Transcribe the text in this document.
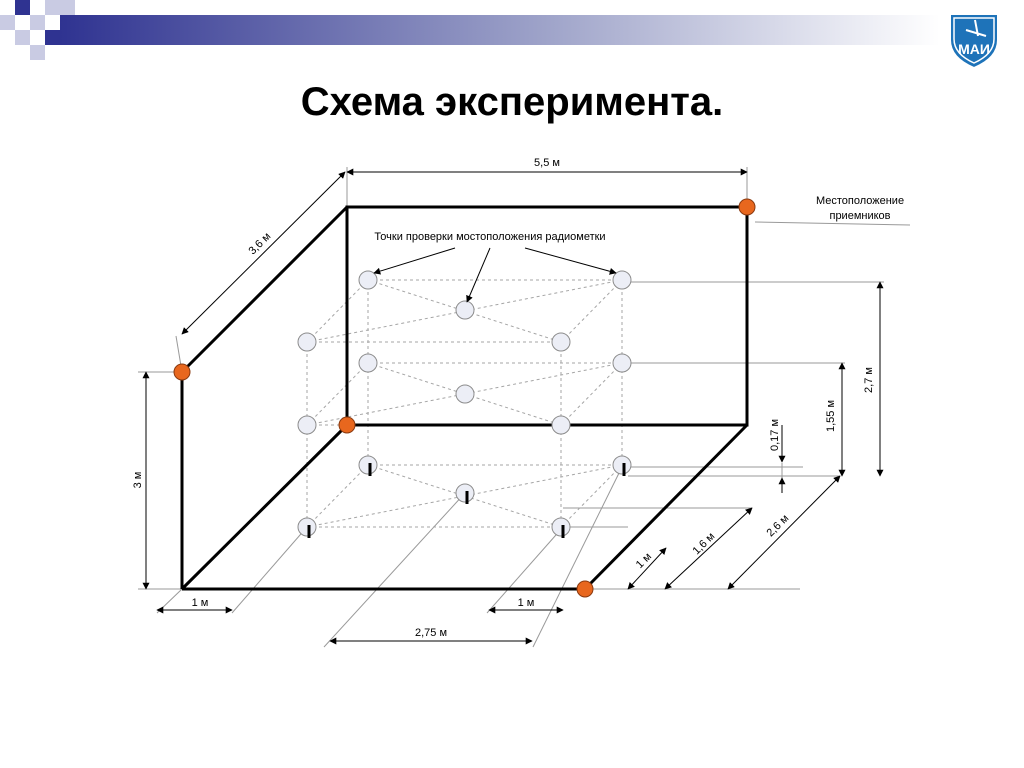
МАИ
Схема эксперимента.
5,5 м
3,6 м
3 м
1 м	1 м
2,75 м
1 м
1,6 м
2,6 м
0,17 м
1,55 м
2,7 м
Точки проверки мостоположения радиометки
Местоположение
приемников
